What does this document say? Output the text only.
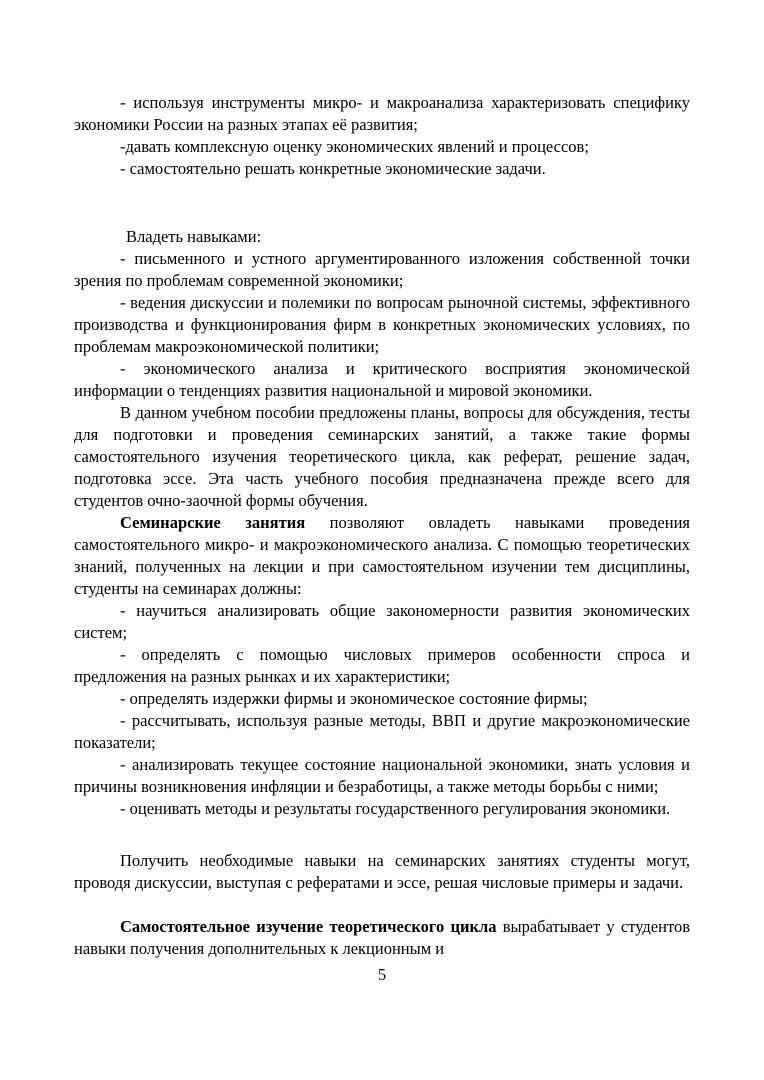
- используя инструменты микро- и макроанализа характеризовать специфику экономики России на разных этапах её развития;

-давать комплексную оценку экономических явлений и процессов;

- самостоятельно решать конкретные экономические задачи.

Владеть навыками:

- письменного и устного аргументированного изложения собственной точки зрения по проблемам современной экономики;

- ведения дискуссии и полемики по вопросам рыночной системы, эффективного производства и функционирования фирм в конкретных экономических условиях, по проблемам макроэкономической политики;

- экономического анализа и критического восприятия экономической информации о тенденциях развития национальной и мировой экономики.

В данном учебном пособии предложены планы, вопросы для обсуждения, тесты для подготовки и проведения семинарских занятий, а также такие формы самостоятельного изучения теоретического цикла, как реферат, решение задач, подготовка эссе. Эта часть учебного пособия предназначена прежде всего для студентов очно-заочной формы обучения.

Семинарские занятия позволяют овладеть навыками проведения самостоятельного микро- и макроэкономического анализа. С помощью теоретических знаний, полученных на лекции и при самостоятельном изучении тем дисциплины, студенты на семинарах должны:

- научиться анализировать общие закономерности развития экономических систем;

- определять с помощью числовых примеров особенности спроса и предложения на разных рынках и их характеристики;

- определять издержки фирмы и экономическое состояние фирмы;

- рассчитывать, используя разные методы, ВВП и другие макроэкономические показатели;

- анализировать текущее состояние национальной экономики, знать условия и причины возникновения инфляции и безработицы, а также методы борьбы с ними;

- оценивать методы и результаты государственного регулирования экономики.

Получить необходимые навыки на семинарских занятиях студенты могут, проводя дискуссии, выступая с рефератами и эссе, решая числовые примеры и задачи.

Самостоятельное изучение теоретического цикла вырабатывает у студентов навыки получения дополнительных к лекционным и

5
